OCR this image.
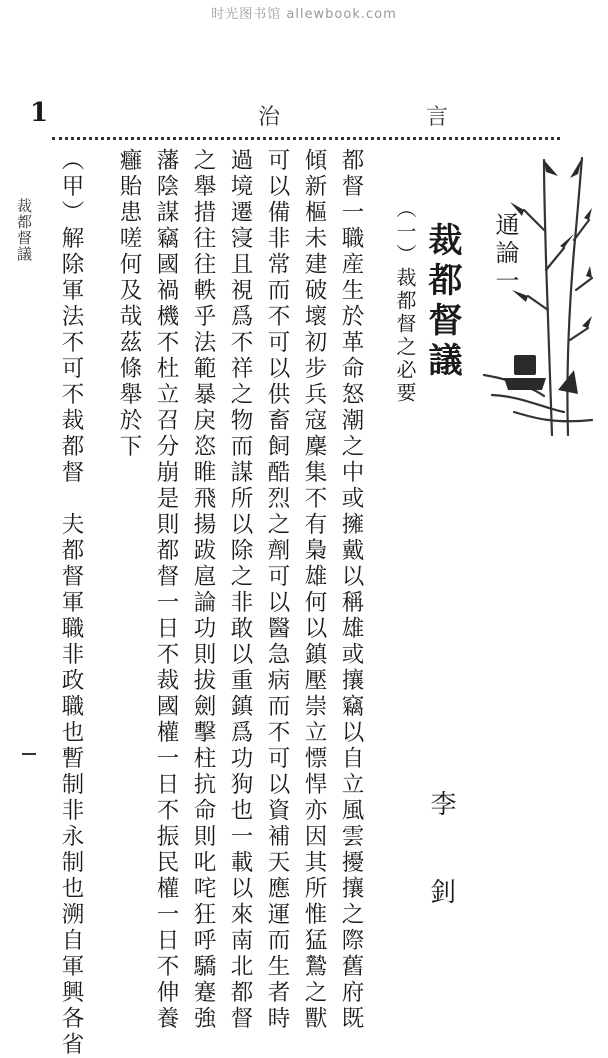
时光图书馆 allewbook.com
1	治	言
裁都督議	通論一
裁都督議
李　釗
（一）裁都督之必要
都督一職産生於革命怒潮之中或擁戴以稱雄或攘竊以自立風雲擾攘之際舊府既
傾新樞未建破壞初步兵寇麇集不有梟雄何以鎮壓崇立慓悍亦因其所惟猛鷙之獸
可以備非常而不可以供畜飼酷烈之劑可以醫急病而不可以資補天應運而生者時
過境遷寖且視爲不祥之物而謀所以除之非敢以重鎮爲功狗也一載以來南北都督
之舉措往往軼乎法範暴戾恣睢飛揚跋扈論功則拔劍擊柱抗命則叱咤狂呼驕蹇強
藩陰謀竊國禍機不杜立召分崩是則都督一日不裁國權一日不振民權一日不伸養
癰貽患嗟何及哉茲條舉於下
（甲）解除軍法不可不裁都督　夫都督軍職非政職也暫制非永制也溯自軍興各省
